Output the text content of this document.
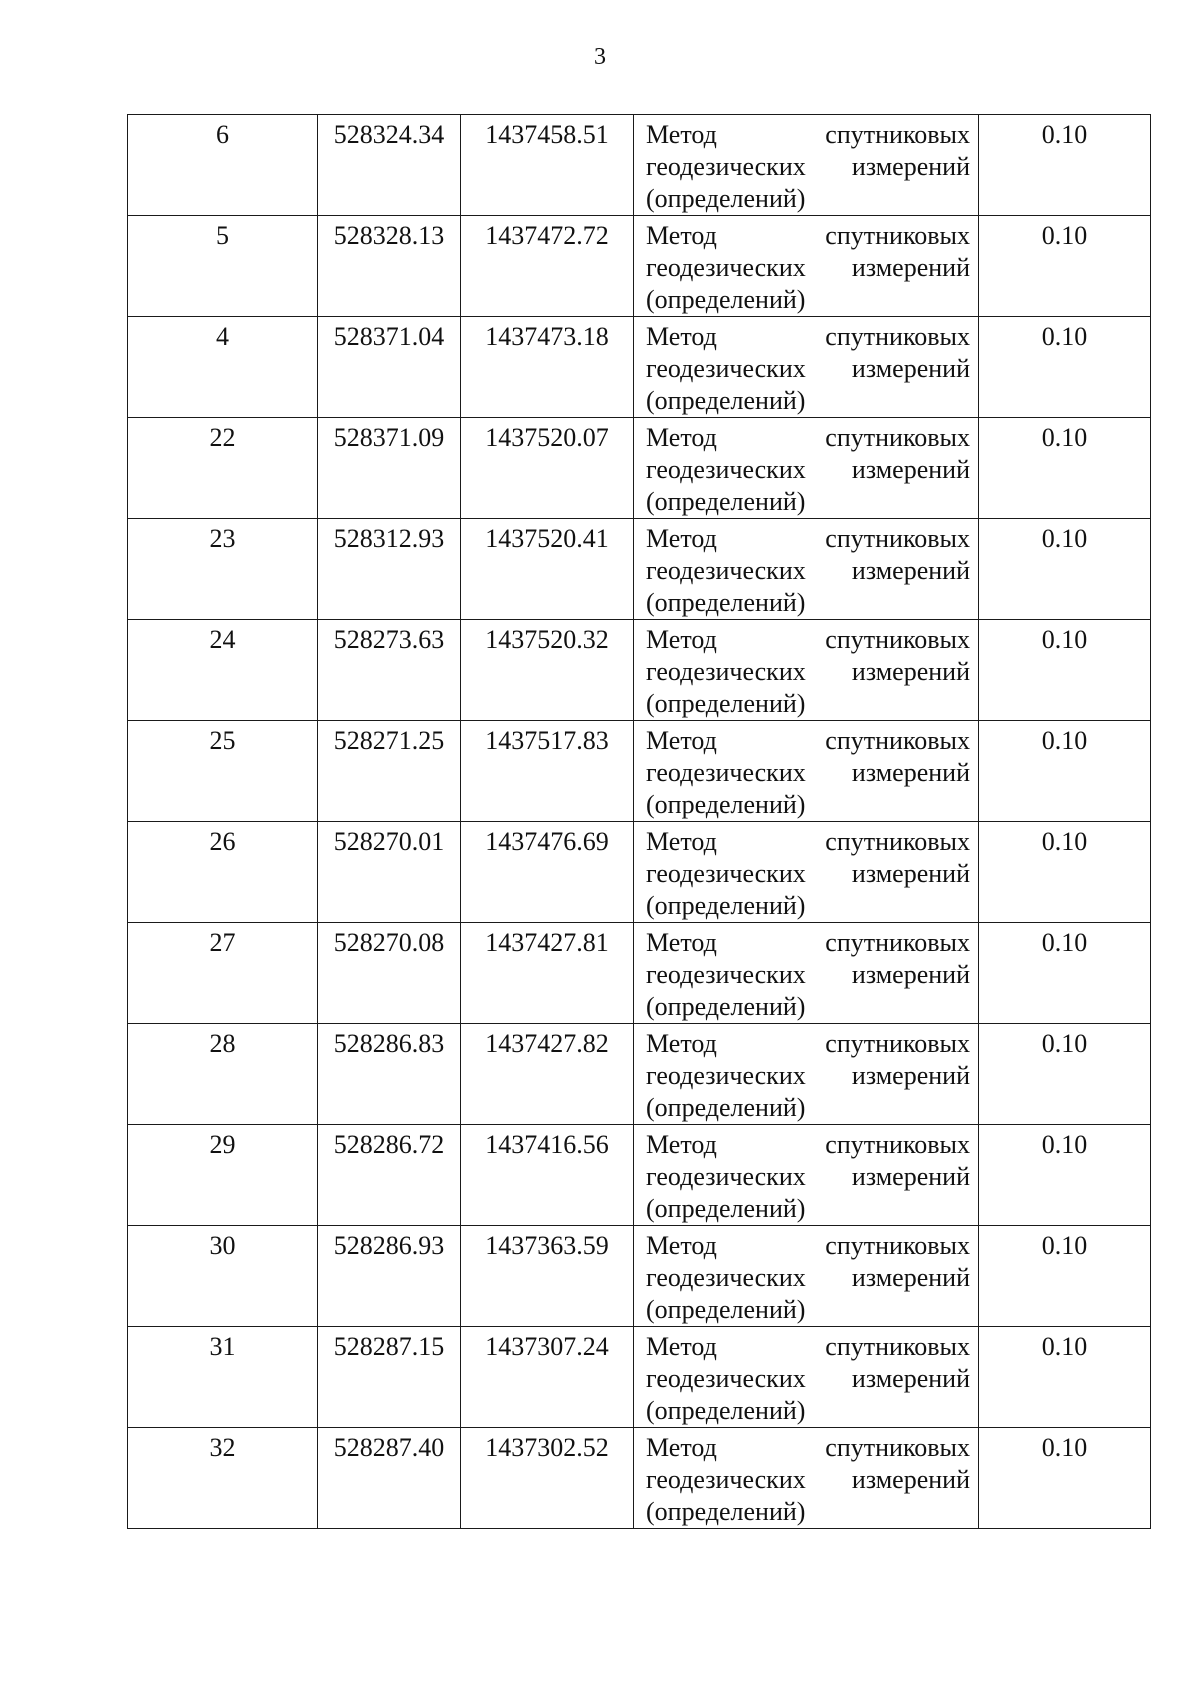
3
6	528324.34	1437458.51	Метод спутниковых
геодезических измерений
(определений)	0.10
5	528328.13	1437472.72	Метод спутниковых
геодезических измерений
(определений)	0.10
4	528371.04	1437473.18	Метод спутниковых
геодезических измерений
(определений)	0.10
22	528371.09	1437520.07	Метод спутниковых
геодезических измерений
(определений)	0.10
23	528312.93	1437520.41	Метод спутниковых
геодезических измерений
(определений)	0.10
24	528273.63	1437520.32	Метод спутниковых
геодезических измерений
(определений)	0.10
25	528271.25	1437517.83	Метод спутниковых
геодезических измерений
(определений)	0.10
26	528270.01	1437476.69	Метод спутниковых
геодезических измерений
(определений)	0.10
27	528270.08	1437427.81	Метод спутниковых
геодезических измерений
(определений)	0.10
28	528286.83	1437427.82	Метод спутниковых
геодезических измерений
(определений)	0.10
29	528286.72	1437416.56	Метод спутниковых
геодезических измерений
(определений)	0.10
30	528286.93	1437363.59	Метод спутниковых
геодезических измерений
(определений)	0.10
31	528287.15	1437307.24	Метод спутниковых
геодезических измерений
(определений)	0.10
32	528287.40	1437302.52	Метод спутниковых
геодезических измерений
(определений)	0.10
